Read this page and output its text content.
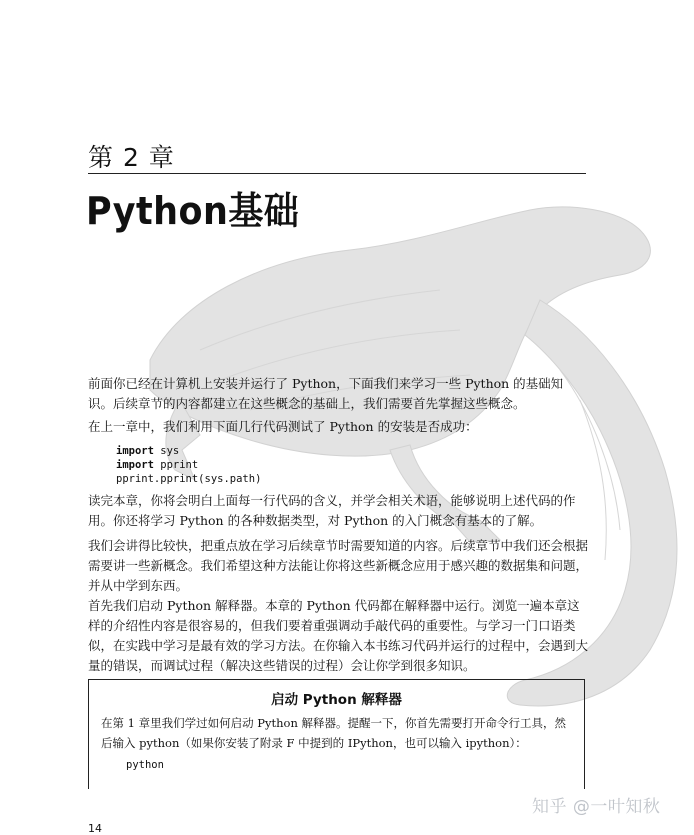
第 2 章
Python基础

前面你已经在计算机上安装并运行了 Python，下面我们来学习一些 Python 的基础知识。后续章节的内容都建立在这些概念的基础上，我们需要首先掌握这些概念。

在上一章中，我们利用下面几行代码测试了 Python 的安装是否成功：

import sys
import pprint
pprint.pprint(sys.path)

读完本章，你将会明白上面每一行代码的含义，并学会相关术语，能够说明上述代码的作用。你还将学习 Python 的各种数据类型，对 Python 的入门概念有基本的了解。

我们会讲得比较快，把重点放在学习后续章节时需要知道的内容。后续章节中我们还会根据需要讲一些新概念。我们希望这种方法能让你将这些新概念应用于感兴趣的数据集和问题，并从中学到东西。

首先我们启动 Python 解释器。本章的 Python 代码都在解释器中运行。浏览一遍本章这样的介绍性内容是很容易的，但我们要着重强调动手敲代码的重要性。与学习一门口语类似，在实践中学习是最有效的学习方法。在你输入本书练习代码并运行的过程中，会遇到大量的错误，而调试过程（解决这些错误的过程）会让你学到很多知识。

启动 Python 解释器

在第 1 章里我们学过如何启动 Python 解释器。提醒一下，你首先需要打开命令行工具，然后输入 python（如果你安装了附录 F 中提到的 IPython，也可以输入 ipython）：

python
知乎 @一叶知秋
14
